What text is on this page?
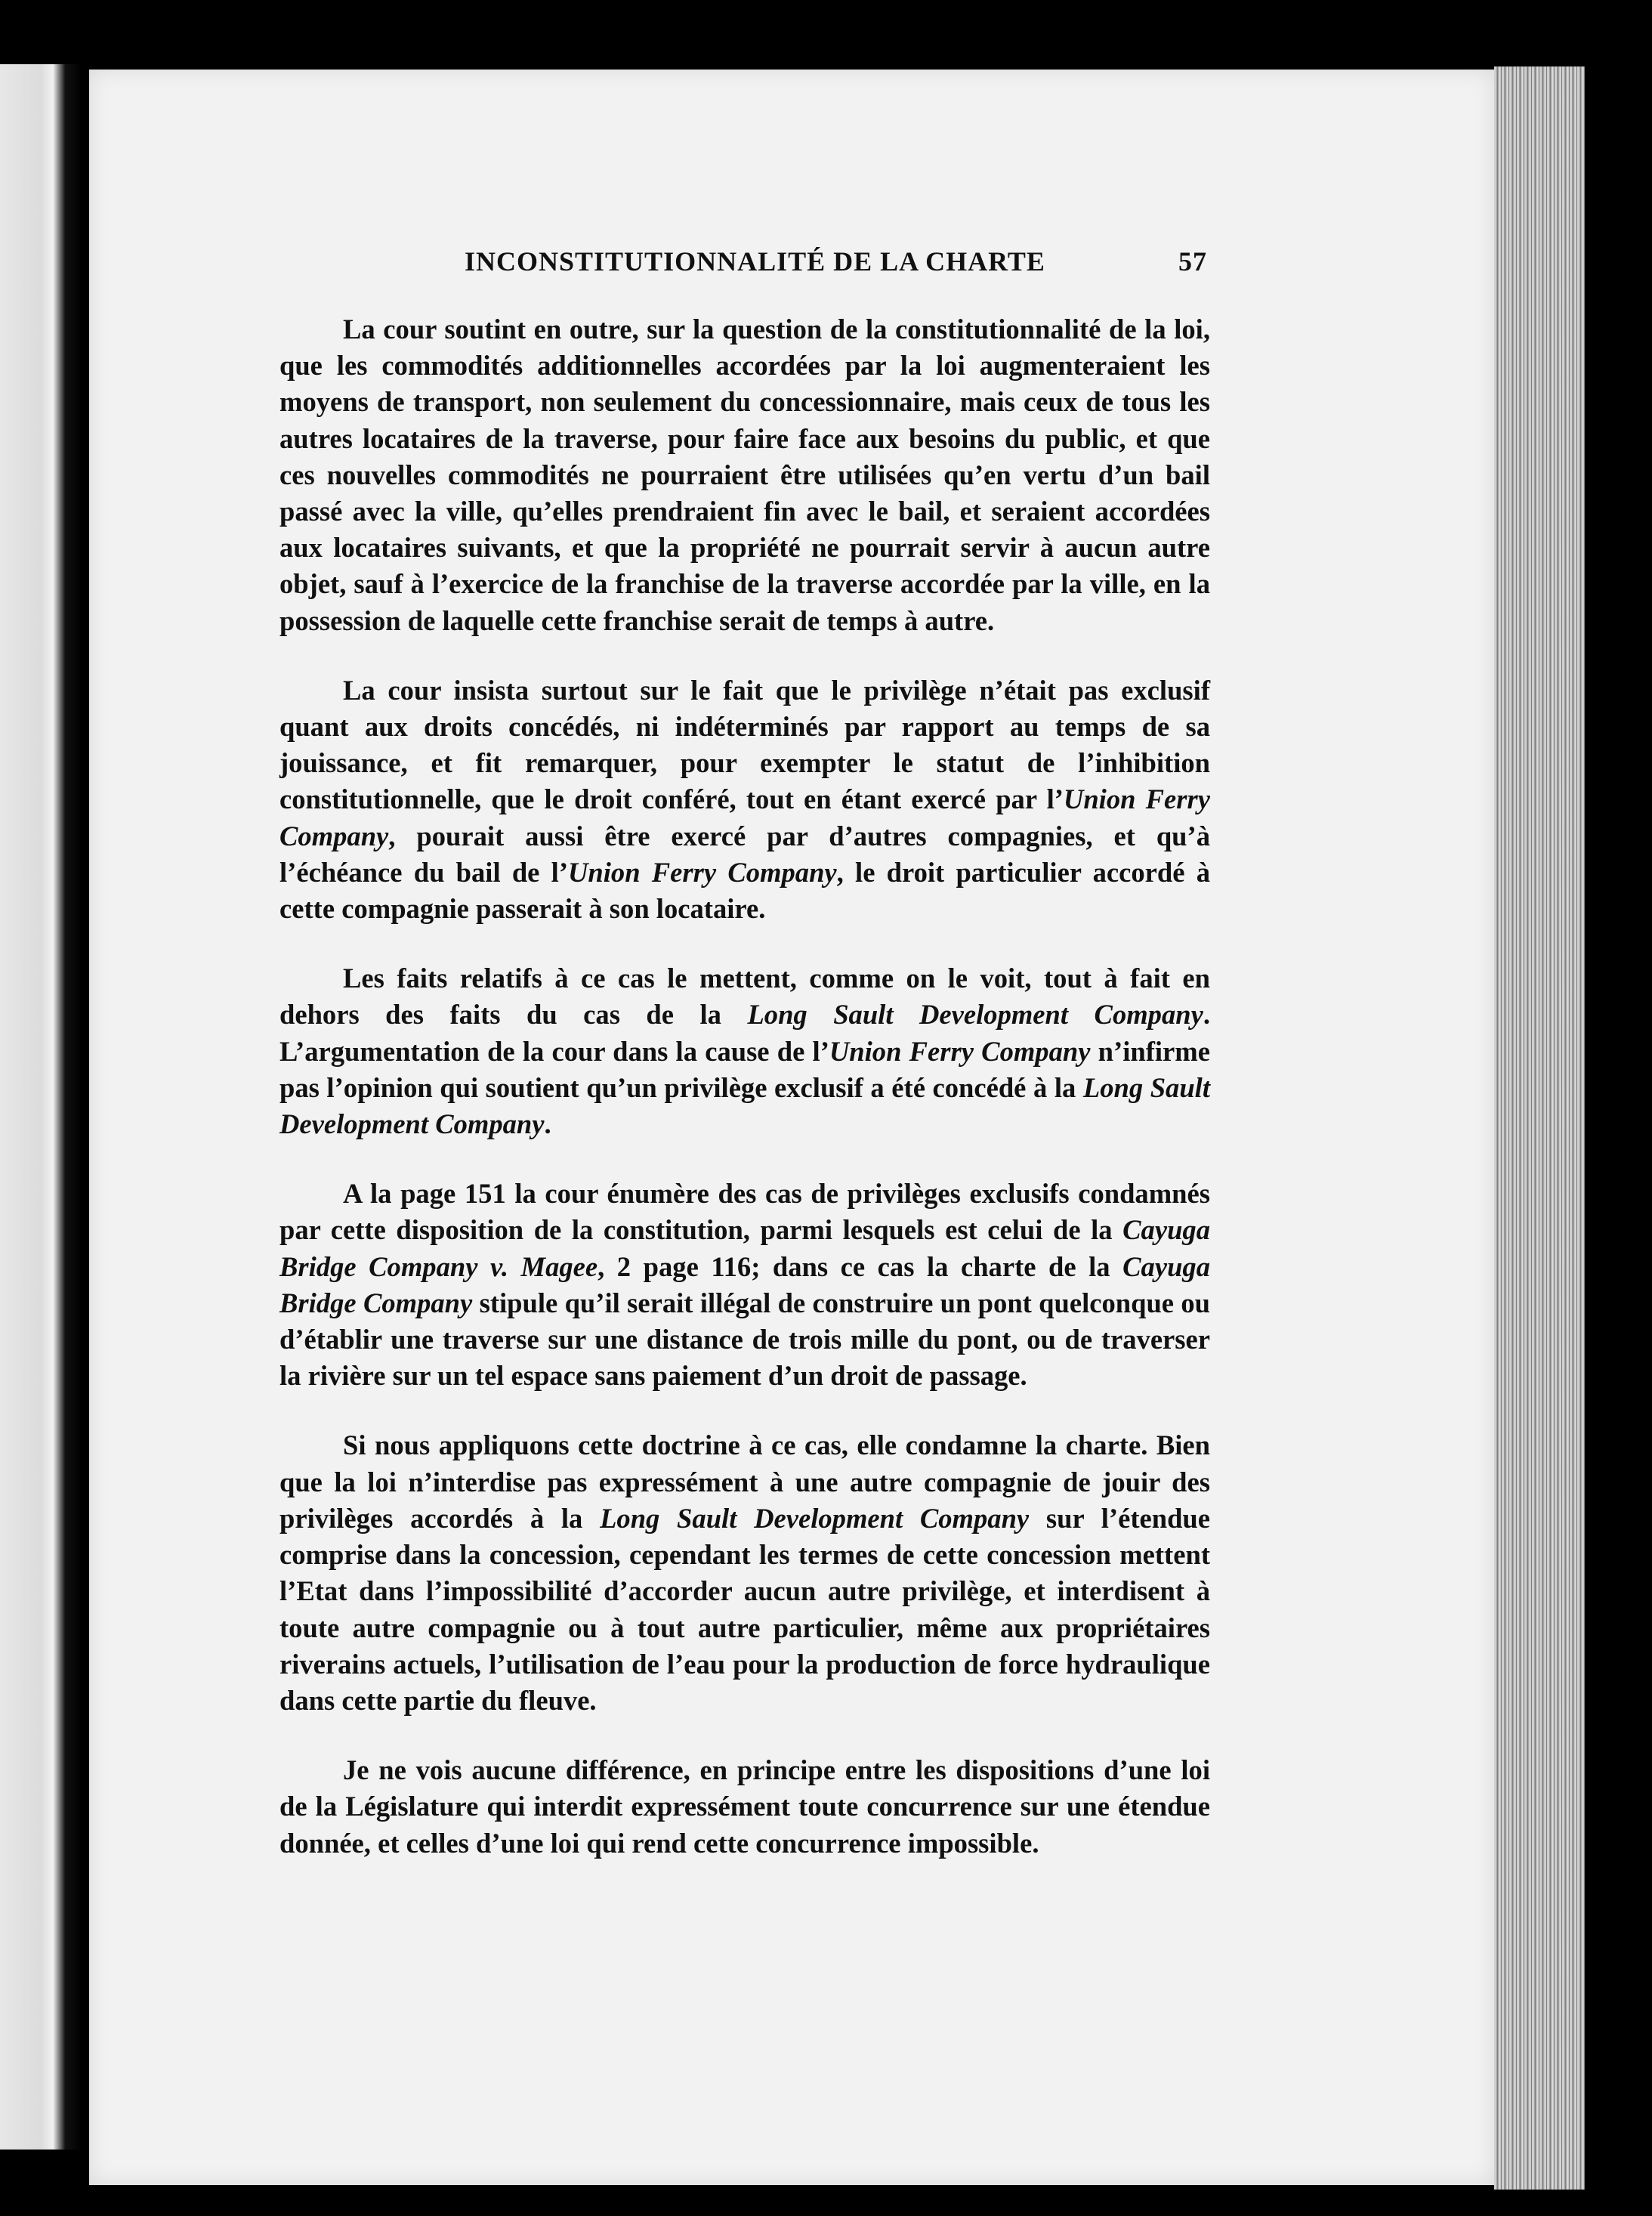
INCONSTITUTIONNALITÉ DE LA CHARTE	57

La cour soutint en outre, sur la question de la constitutionnalité de la loi, que les commodités additionnelles accordées par la loi augmenteraient les moyens de transport, non seulement du concessionnaire, mais ceux de tous les autres locataires de la traverse, pour faire face aux besoins du public, et que ces nouvelles commodités ne pourraient être utilisées qu’en vertu d’un bail passé avec la ville, qu’elles prendraient fin avec le bail, et seraient accordées aux locataires suivants, et que la propriété ne pourrait servir à aucun autre objet, sauf à l’exercice de la franchise de la traverse accordée par la ville, en la possession de laquelle cette franchise serait de temps à autre.

La cour insista surtout sur le fait que le privilège n’était pas exclusif quant aux droits concédés, ni indéterminés par rapport au temps de sa jouissance, et fit remarquer, pour exempter le statut de l’inhibition constitutionnelle, que le droit conféré, tout en étant exercé par l’Union Ferry Company, pourait aussi être exercé par d’autres compagnies, et qu’à l’échéance du bail de l’Union Ferry Company, le droit particulier accordé à cette compagnie passerait à son locataire.

Les faits relatifs à ce cas le mettent, comme on le voit, tout à fait en dehors des faits du cas de la Long Sault Development Company. L’argumentation de la cour dans la cause de l’Union Ferry Company n’infirme pas l’opinion qui soutient qu’un privilège exclusif a été concédé à la Long Sault Development Company.

A la page 151 la cour énumère des cas de privilèges exclusifs condamnés par cette disposition de la constitution, parmi lesquels est celui de la Cayuga Bridge Company v. Magee, 2 page 116; dans ce cas la charte de la Cayuga Bridge Company stipule qu’il serait illégal de construire un pont quelconque ou d’établir une traverse sur une distance de trois mille du pont, ou de traverser la rivière sur un tel espace sans paiement d’un droit de passage.

Si nous appliquons cette doctrine à ce cas, elle condamne la charte. Bien que la loi n’interdise pas expressément à une autre compagnie de jouir des privilèges accordés à la Long Sault Development Company sur l’étendue comprise dans la concession, cependant les termes de cette concession mettent l’Etat dans l’impossibilité d’accorder aucun autre privilège, et interdisent à toute autre compagnie ou à tout autre particulier, même aux propriétaires riverains actuels, l’utilisation de l’eau pour la production de force hydraulique dans cette partie du fleuve.

Je ne vois aucune différence, en principe entre les dispositions d’une loi de la Législature qui interdit expressément toute concurrence sur une étendue donnée, et celles d’une loi qui rend cette concurrence impossible.
